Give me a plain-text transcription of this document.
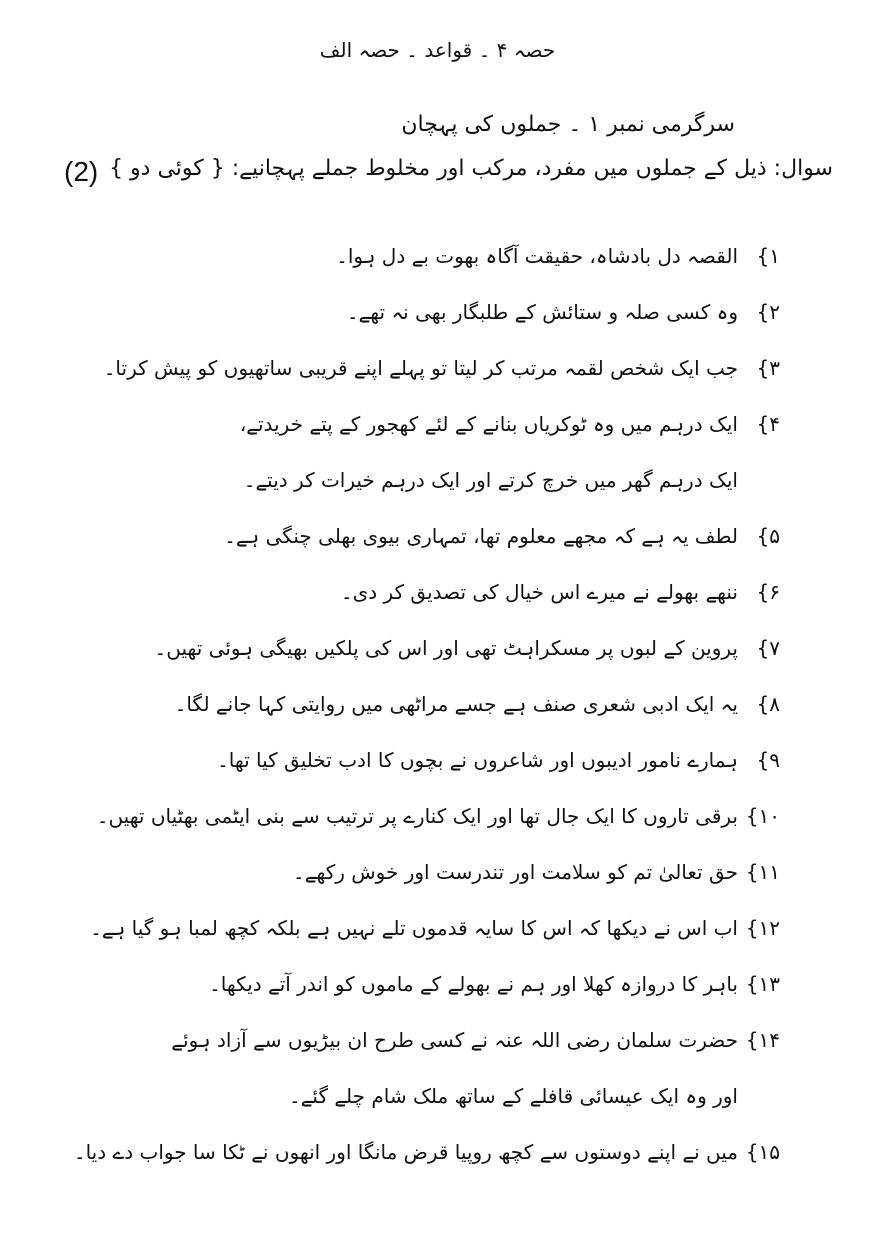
حصہ ۴ ۔ قواعد ۔ حصہ الف
سرگرمی نمبر ۱ ۔ جملوں کی پہچان
سوال: ذیل کے جملوں میں مفرد، مرکب اور مخلوط جملے پہچانیے: { کوئی دو }
(2)
۱}
القصہ دل بادشاہ، حقیقت آگاہ بھوت بے دل ہوا۔
۲}
وہ کسی صلہ و ستائش کے طلبگار بھی نہ تھے۔
۳}
جب ایک شخص لقمہ مرتب کر لیتا تو پہلے اپنے قریبی ساتھیوں کو پیش کرتا۔
۴}
ایک درہم میں وہ ٹوکریاں بنانے کے لئے کھجور کے پتے خریدتے،
ایک درہم گھر میں خرچ کرتے اور ایک درہم خیرات کر دیتے۔
۵}
لطف یہ ہے کہ مجھے معلوم تھا، تمہاری بیوی بھلی چنگی ہے۔
۶}
ننھے بھولے نے میرے اس خیال کی تصدیق کر دی۔
۷}
پروین کے لبوں پر مسکراہٹ تھی اور اس کی پلکیں بھیگی ہوئی تھیں۔
۸}
یہ ایک ادبی شعری صنف ہے جسے مراٹھی میں روایتی کہا جانے لگا۔
۹}
ہمارے نامور ادیبوں اور شاعروں نے بچوں کا ادب تخلیق کیا تھا۔
۱۰}
برقی تاروں کا ایک جال تھا اور ایک کنارے پر ترتیب سے بنی ایٹمی بھٹیاں تھیں۔
۱۱}
حق تعالیٰ تم کو سلامت اور تندرست اور خوش رکھے۔
۱۲}
اب اس نے دیکھا کہ اس کا سایہ قدموں تلے نہیں ہے بلکہ کچھ لمبا ہو گیا ہے۔
۱۳}
باہر کا دروازہ کھلا اور ہم نے بھولے کے ماموں کو اندر آتے دیکھا۔
۱۴}
حضرت سلمان رضی اللہ عنہ نے کسی طرح ان بیڑیوں سے آزاد ہوئے
اور وہ ایک عیسائی قافلے کے ساتھ ملک شام چلے گئے۔
۱۵}
میں نے اپنے دوستوں سے کچھ روپیا قرض مانگا اور انھوں نے ٹکا سا جواب دے دیا۔
